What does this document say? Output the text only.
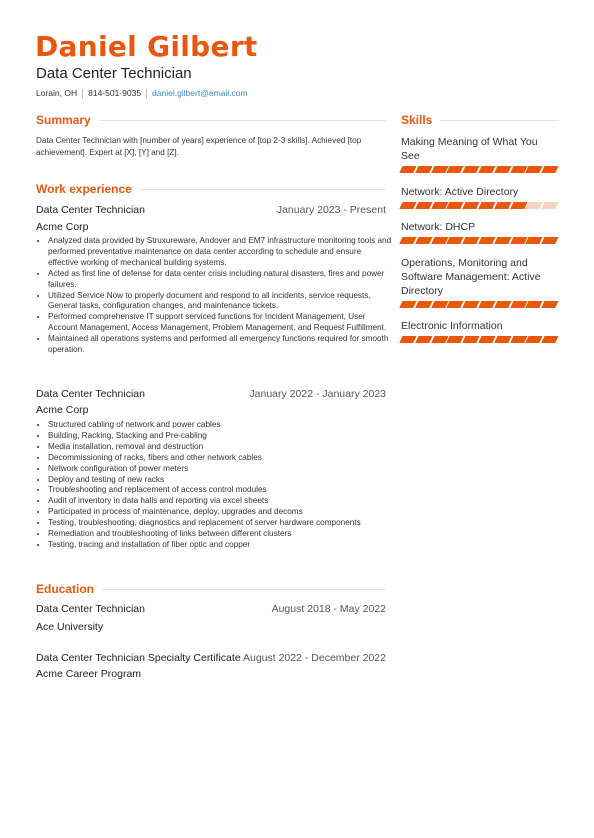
Daniel Gilbert
Data Center Technician
Lorain, OH 814-501-9035 daniel.gilbert@email.com
Summary
Data Center Technician with [number of years] experience of [top 2-3 skills]. Achieved [top achievement]. Expert at [X], [Y] and [Z].
Work experience
Data Center Technician	January 2023 - Present
Acme Corp
• Analyzed data provided by Struxureware, Andover and EM7 infrastructure monitoring tools and performed preventative maintenance on data center according to schedule and ensure effective working of mechanical building systems.
• Acted as first line of defense for data center crisis including natural disasters, fires and power failures.
• Utilized Service Now to properly document and respond to all incidents, service requests, General tasks, configuration changes, and maintenance tickets.
• Performed comprehensive IT support serviced functions for Incident Management, User Account Management, Access Management, Problem Management, and Request Fulfillment.
• Maintained all operations systems and performed all emergency functions required for smooth operation.
Data Center Technician	January 2022 - January 2023
Acme Corp
• Structured cabling of network and power cables
• Building, Racking, Stacking and Pre-cabling
• Media installation, removal and destruction
• Decommissioning of racks, fibers and other network cables
• Network configuration of power meters
• Deploy and testing of new racks
• Troubleshooting and replacement of access control modules
• Audit of inventory in data halls and reporting via excel sheets
• Participated in process of maintenance, deploy, upgrades and decoms
• Testing, troubleshooting, diagnostics and replacement of server hardware components
• Remediation and troubleshooting of links between different clusters
• Testing, tracing and installation of fiber optic and copper
Education
Data Center Technician	August 2018 - May 2022
Ace University
Data Center Technician Specialty Certificate August 2022 - December 2022
Acme Career Program
Skills
Making Meaning of What You See
Network: Active Directory
Network: DHCP
Operations, Monitoring and Software Management: Active Directory
Electronic Information
